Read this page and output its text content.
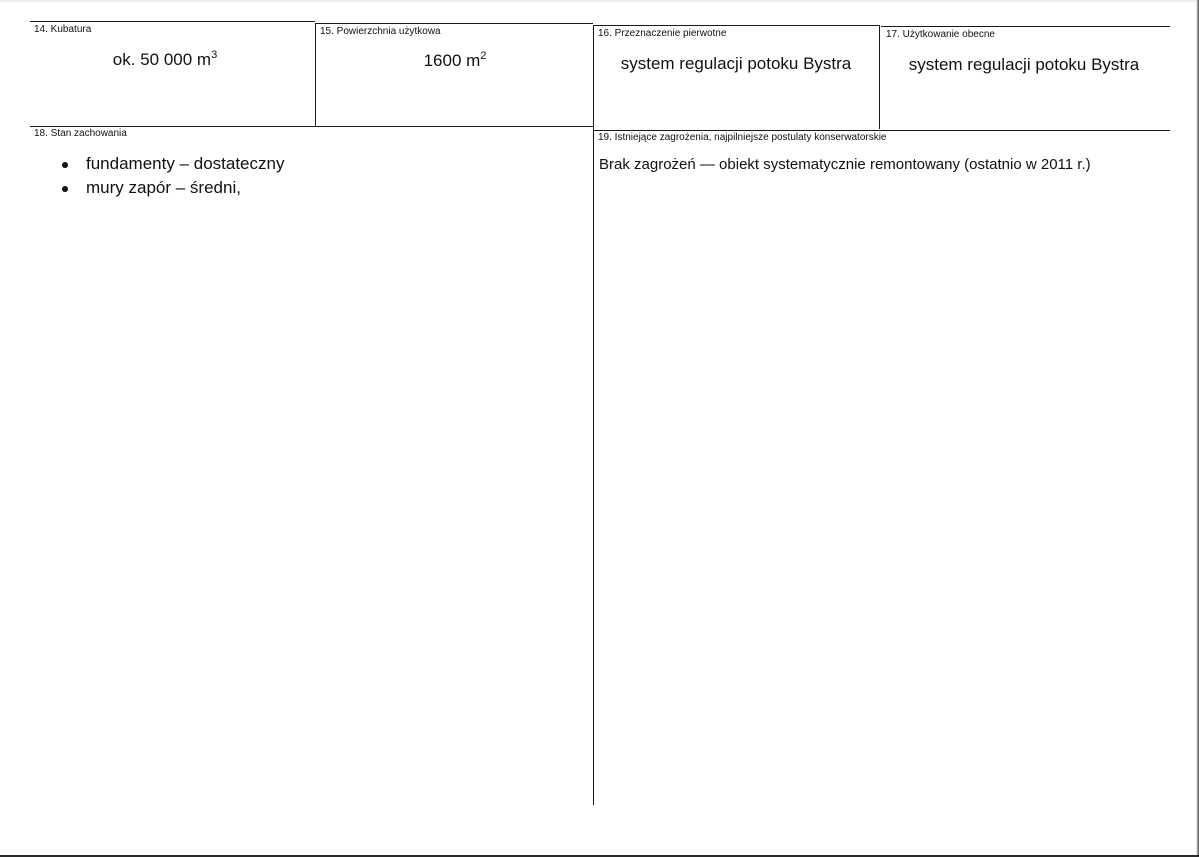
14. Kubatura
ok. 50 000 $m^3$
15. Powierzchnia użytkowa
1600 $m^2$
16. Przeznaczenie pierwotne
system regulacji potoku Bystra
17. Użytkowanie obecne
system regulacji potoku Bystra
18. Stan zachowania
fundamenty – dostateczny
mury zapór – średni,
19. Istniejące zagrożenia, najpilniejsze postulaty konserwatorskie
Brak zagrożeń — obiekt systematycznie remontowany (ostatnio w 2011 r.)
